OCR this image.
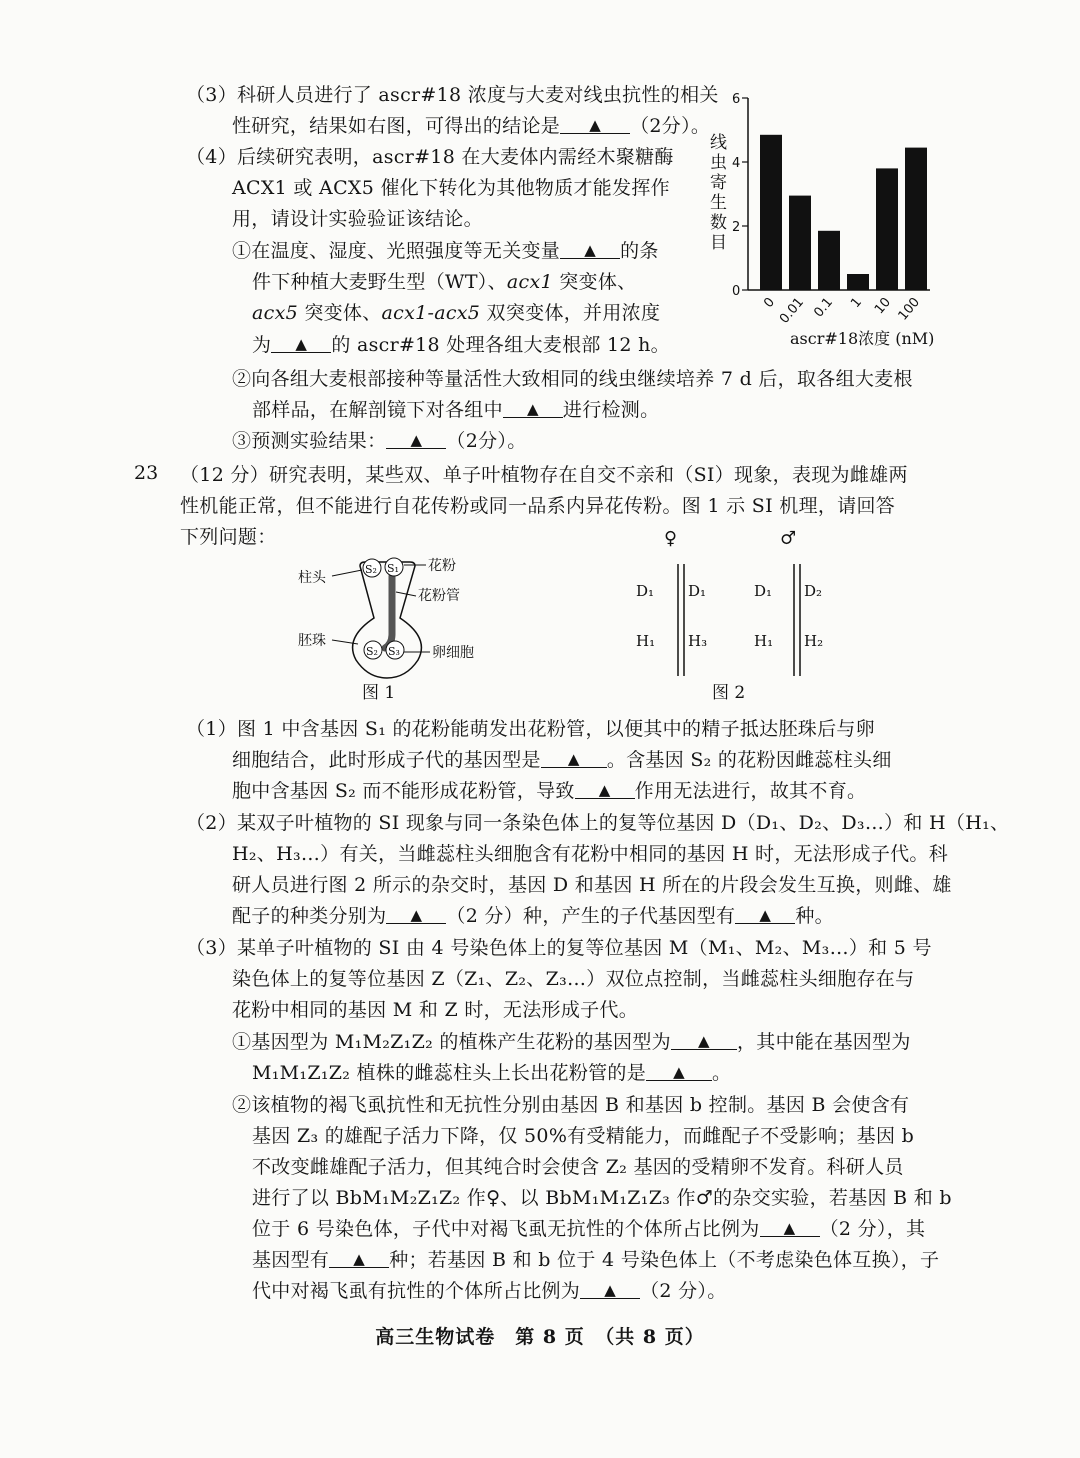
（3）科研人员进行了 ascr#18 浓度与大麦对线虫抗性的相关
性研究，结果如右图，可得出的结论是 ▲ （2分）。
（4）后续研究表明，ascr#18 在大麦体内需经木聚糖酶
ACX1 或 ACX5 催化下转化为其他物质才能发挥作
用，请设计实验验证该结论。
①在温度、湿度、光照强度等无关变量 ▲ 的条
件下种植大麦野生型（WT）、acx1 突变体、
acx5 突变体、acx1-acx5 双突变体，并用浓度
为 ▲ 的 ascr#18 处理各组大麦根部 12 h。
②向各组大麦根部接种等量活性大致相同的线虫继续培养 7 d 后，取各组大麦根
部样品，在解剖镜下对各组中 ▲ 进行检测。
③预测实验结果： ▲ （2分）。
0
2
4
6
0
0.01 0.1 1 10 100
线虫寄生数目
ascr#18浓度 (nM)
23 （12 分）研究表明，某些双、单子叶植物存在自交不亲和（SI）现象，表现为雌雄两
性机能正常，但不能进行自花传粉或同一品系内异花传粉。图 1 示 SI 机理，请回答
下列问题：
S₂ S₁
S₂ S₃
柱头
花粉
花粉管
胚珠
卵细胞
图 1
♀	♂
D₁ D₁
H₁ H₃
D₁ D₂
H₁ H₂
图 2
（1）图 1 中含基因 S₁ 的花粉能萌发出花粉管，以便其中的精子抵达胚珠后与卵
细胞结合，此时形成子代的基因型是 ▲ 。含基因 S₂ 的花粉因雌蕊柱头细
胞中含基因 S₂ 而不能形成花粉管，导致 ▲ 作用无法进行，故其不育。
（2）某双子叶植物的 SI 现象与同一条染色体上的复等位基因 D（D₁、D₂、D₃…）和 H（H₁、
H₂、H₃…）有关，当雌蕊柱头细胞含有花粉中相同的基因 H 时，无法形成子代。科
研人员进行图 2 所示的杂交时，基因 D 和基因 H 所在的片段会发生互换，则雌、雄
配子的种类分别为 ▲ （2 分）种，产生的子代基因型有 ▲ 种。
（3）某单子叶植物的 SI 由 4 号染色体上的复等位基因 M（M₁、M₂、M₃…）和 5 号
染色体上的复等位基因 Z（Z₁、Z₂、Z₃…）双位点控制，当雌蕊柱头细胞存在与
花粉中相同的基因 M 和 Z 时，无法形成子代。
①基因型为 M₁M₂Z₁Z₂ 的植株产生花粉的基因型为 ▲ ，其中能在基因型为
M₁M₁Z₁Z₂ 植株的雌蕊柱头上长出花粉管的是 ▲ 。
②该植物的褐飞虱抗性和无抗性分别由基因 B 和基因 b 控制。基因 B 会使含有
基因 Z₃ 的雄配子活力下降，仅 50%有受精能力，而雌配子不受影响；基因 b
不改变雌雄配子活力，但其纯合时会使含 Z₂ 基因的受精卵不发育。科研人员
进行了以 BbM₁M₂Z₁Z₂ 作♀、以 BbM₁M₁Z₁Z₃ 作♂的杂交实验，若基因 B 和 b
位于 6 号染色体，子代中对褐飞虱无抗性的个体所占比例为 ▲ （2 分），其
基因型有 ▲ 种；若基因 B 和 b 位于 4 号染色体上（不考虑染色体互换），子
代中对褐飞虱有抗性的个体所占比例为 ▲ （2 分）。
高三生物试卷　第 8 页　（共 8 页）
